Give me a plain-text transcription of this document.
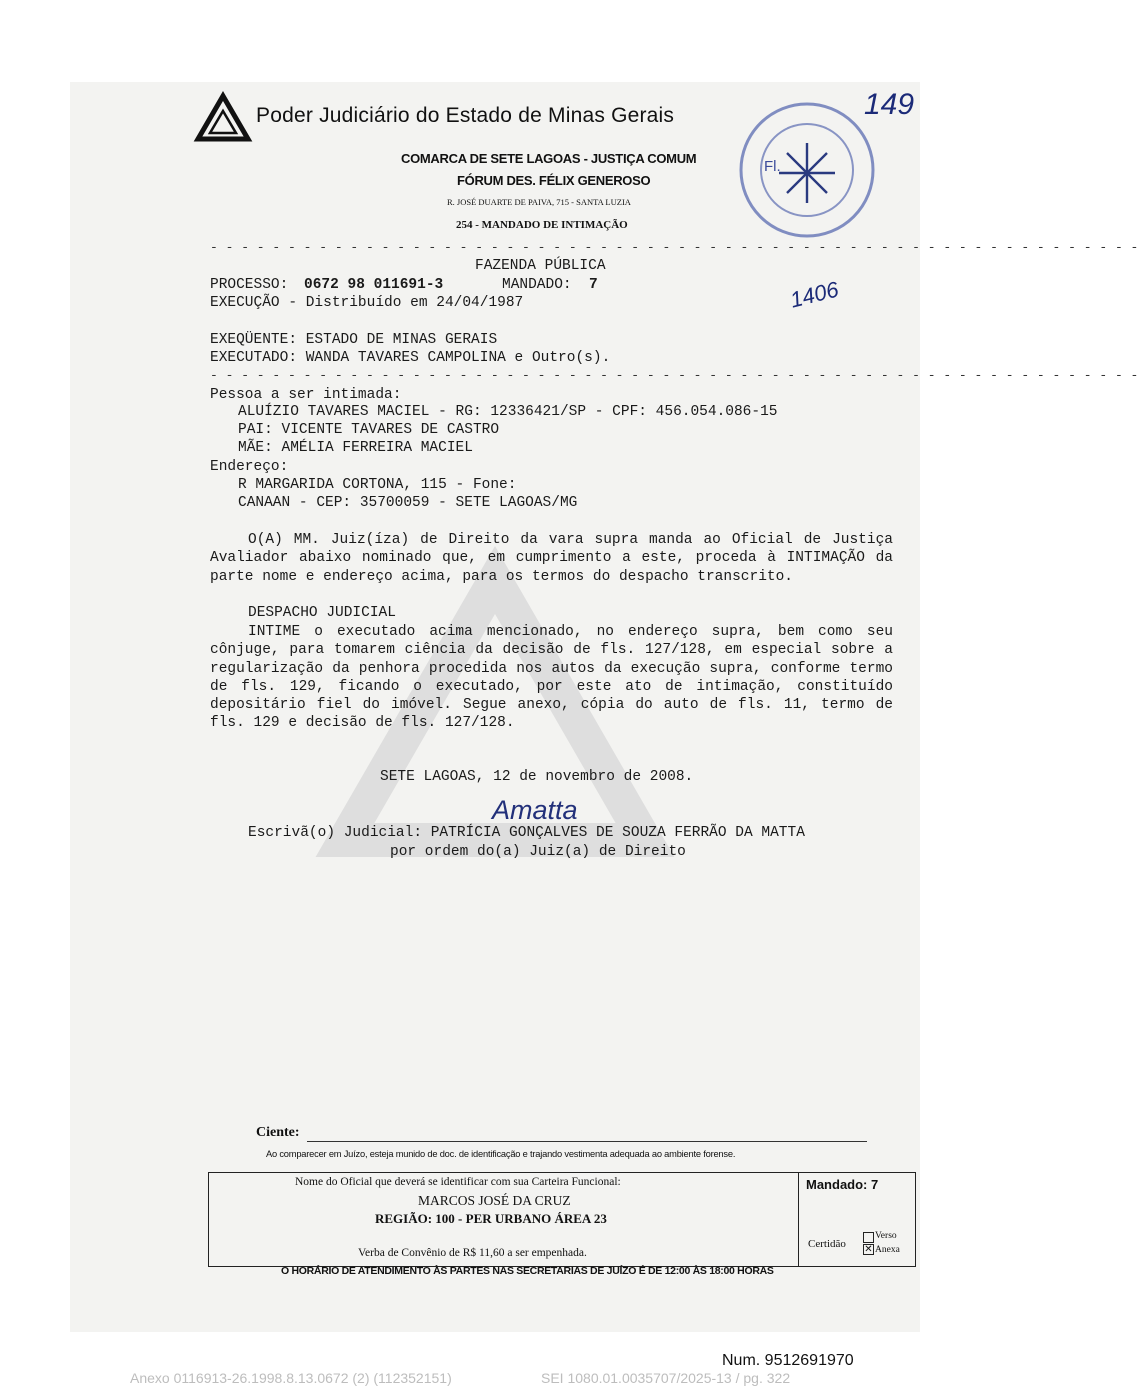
Poder Judiciário do Estado de Minas Gerais
COMARCA DE SETE LAGOAS - JUSTIÇA COMUM
FÓRUM DES. FÉLIX GENEROSO
R. JOSÉ DUARTE DE PAIVA, 715 - SANTA LUZIA
254 - MANDADO DE INTIMAÇÃO
Fl.
149
- - - - - - - - - - - - - - - - - - - - - - - - - - - - - - - - - - - - - - - - - - - - - - - - - - - - - - - - - - - -
- - - - - - - - - - - - - - - - - - - - - - - - - - - - - - - - - - - - - - - - - - - - - - - - - - - - - - - - - - - -
FAZENDA PÚBLICA
PROCESSO: 0672 98 011691-3	MANDADO: 7
EXECUÇÃO - Distribuído em 24/04/1987	1406
EXEQÜENTE: ESTADO DE MINAS GERAIS
EXECUTADO: WANDA TAVARES CAMPOLINA e Outro(s).
Pessoa a ser intimada:
ALUÍZIO TAVARES MACIEL - RG: 12336421/SP - CPF: 456.054.086-15
PAI: VICENTE TAVARES DE CASTRO
MÃE: AMÉLIA FERREIRA MACIEL
Endereço:
R MARGARIDA CORTONA, 115 - Fone:
CANAAN - CEP: 35700059 - SETE LAGOAS/MG
O(A) MM. Juiz(íza) de Direito da vara supra manda ao Oficial de Justiça Avaliador abaixo nominado que, em cumprimento a este, proceda à INTIMAÇÃO da parte nome e endereço acima, para os termos do despacho transcrito.
DESPACHO JUDICIAL
INTIME o executado acima mencionado, no endereço supra, bem como seu cônjuge, para tomarem ciência da decisão de fls. 127/128, em especial sobre a regularização da penhora procedida nos autos da execução supra, conforme termo de fls. 129, ficando o executado, por este ato de intimação, constituído depositário fiel do imóvel. Segue anexo, cópia do auto de fls. 11, termo de fls. 129 e decisão de fls. 127/128.
SETE LAGOAS, 12 de novembro de 2008.
Amatta
Escrivã(o) Judicial: PATRÍCIA GONÇALVES DE SOUZA FERRÃO DA MATTA
por ordem do(a) Juiz(a) de Direito
Ciente:
Ao comparecer em Juízo, esteja munido de doc. de identificação e trajando vestimenta adequada ao ambiente forense.
Nome do Oficial que deverá se identificar com sua Carteira Funcional:
MARCOS JOSÉ DA CRUZ
REGIÃO: 100 - PER URBANO ÁREA 23
Verba de Convênio de R$ 11,60 a ser empenhada.
Mandado: 7
Certidão
Verso
✕ Anexa
O HORÁRIO DE ATENDIMENTO ÀS PARTES NAS SECRETARIAS DE JUÍZO É DE 12:00 ÀS 18:00 HORAS
Num. 9512691970
Anexo 0116913-26.1998.8.13.0672 (2) (112352151)	SEI 1080.01.0035707/2025-13 / pg. 322
